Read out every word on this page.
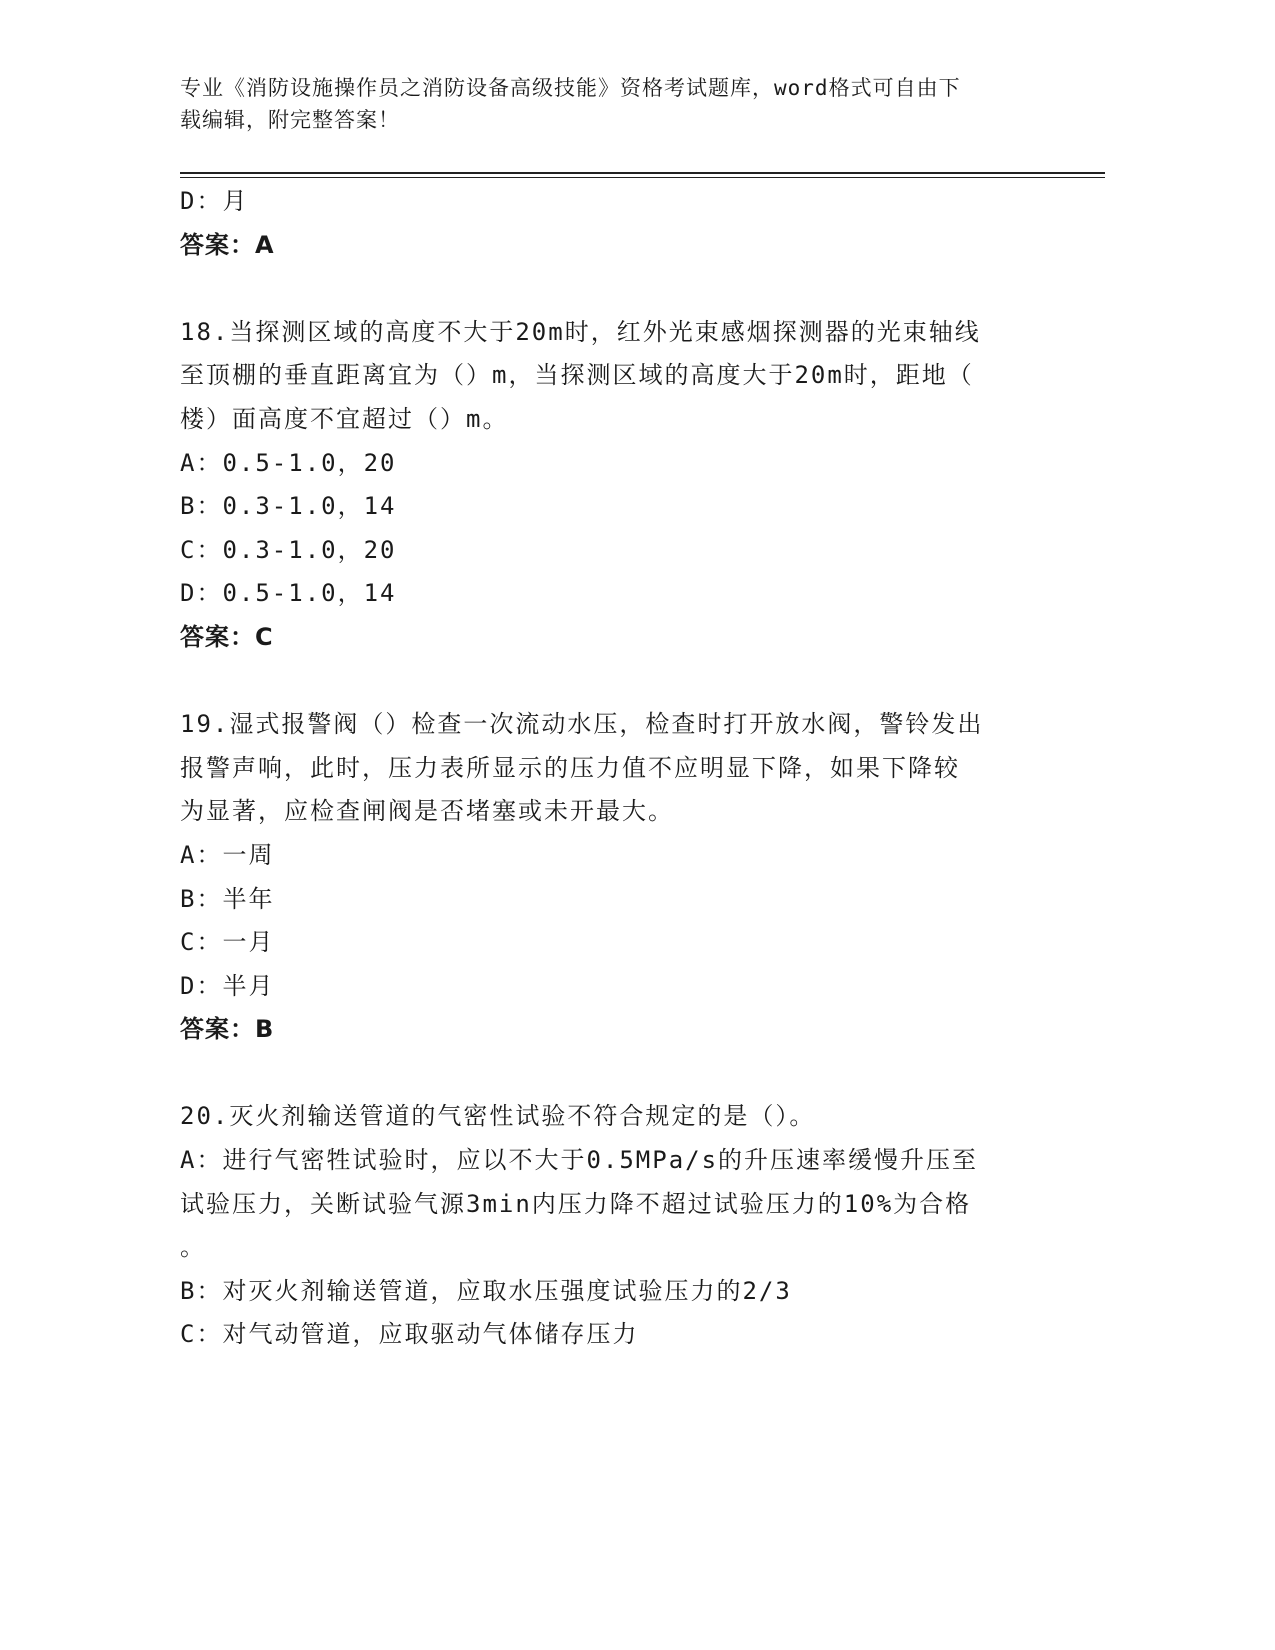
专业《消防设施操作员之消防设备高级技能》资格考试题库，word格式可自由下
载编辑，附完整答案！
D：月
答案：A
18.当探测区域的高度不大于20m时，红外光束感烟探测器的光束轴线
至顶棚的垂直距离宜为（）m，当探测区域的高度大于20m时，距地（
楼）面高度不宜超过（）m。
A：0.5-1.0，20
B：0.3-1.0，14
C：0.3-1.0，20
D：0.5-1.0，14
答案：C
19.湿式报警阀（）检查一次流动水压，检查时打开放水阀，警铃发出
报警声响，此时，压力表所显示的压力值不应明显下降，如果下降较
为显著，应检查闸阀是否堵塞或未开最大。
A：一周
B：半年
C：一月
D：半月
答案：B
20.灭火剂输送管道的气密性试验不符合规定的是（）。
A：进行气密牲试验时，应以不大于0.5MPa/s的升压速率缓慢升压至
试验压力，关断试验气源3min内压力降不超过试验压力的10%为合格
。
B：对灭火剂输送管道，应取水压强度试验压力的2/3
C：对气动管道，应取驱动气体储存压力
